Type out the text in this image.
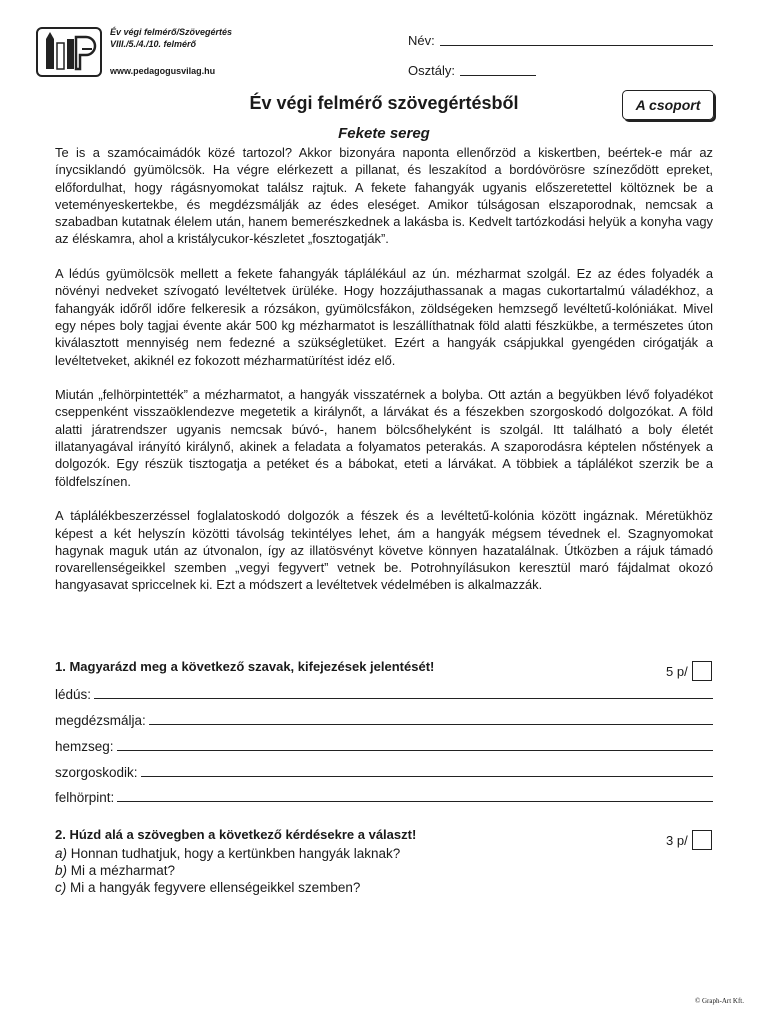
Év végi felmérő/Szövegértés
VIII./5./4./10. felmérő
www.pedagogusvilag.hu
Név:
Osztály:
Év végi felmérő szövegértésből	A csoport
Fekete sereg

Te is a szamócaimádók közé tartozol? Akkor bizonyára naponta ellenőrzöd a kiskertben, beértek-e már az ínycsiklandó gyümölcsök. Ha végre elérkezett a pillanat, és leszakítod a bordóvörösre színeződött epreket, előfordulhat, hogy rágásnyomokat találsz rajtuk. A fekete fahangyák ugyanis előszeretettel költöznek be a veteményeskertekbe, és megdézsmálják az édes eleséget. Amikor túlságosan elszaporodnak, nemcsak a szabadban kutatnak élelem után, hanem bemerészkednek a lakásba is. Kedvelt tartózkodási helyük a konyha vagy az éléskamra, ahol a kristálycukor-készletet „fosztogatják”.

A lédús gyümölcsök mellett a fekete fahangyák táplálékául az ún. mézharmat szolgál. Ez az édes folyadék a növényi nedveket szívogató levéltetvek ürüléke. Hogy hozzájuthassanak a magas cukortartalmú váladékhoz, a fahangyák időről időre felkeresik a rózsákon, gyümölcsfákon, zöldségeken hemzsegő levéltetű-kolóniákat. Mivel egy népes boly tagjai évente akár 500 kg mézharmatot is leszállíthatnak föld alatti fészkükbe, a természetes úton kiválasztott mennyiség nem fedezné a szükségletüket. Ezért a hangyák csápjukkal gyengéden cirógatják a levéltetveket, akiknél ez fokozott mézharmatürítést idéz elő.

Miután „felhörpintették” a mézharmatot, a hangyák visszatérnek a bolyba. Ott aztán a begyükben lévő folyadékot cseppenként visszaöklendezve megetetik a királynőt, a lárvákat és a fészekben szorgoskodó dolgozókat. A föld alatti járatrendszer ugyanis nemcsak búvó-, hanem bölcsőhelyként is szolgál. Itt található a boly életét illatanyagával irányító királynő, akinek a feladata a folyamatos peterakás. A szaporodásra képtelen nőstények a dolgozók. Egy részük tisztogatja a petéket és a bábokat, eteti a lárvákat. A többiek a táplálékot szerzik be a földfelszínen.

A táplálékbeszerzéssel foglalatoskodó dolgozók a fészek és a levéltetű-kolónia között ingáznak. Méretükhöz képest a két helyszín közötti távolság tekintélyes lehet, ám a hangyák mégsem tévednek el. Szagnyomokat hagynak maguk után az útvonalon, így az illatösvényt követve könnyen hazatalálnak. Útközben a rájuk támadó rovarellenségeikkel szemben „vegyi fegyvert” vetnek be. Potrohnyílásukon keresztül maró fájdalmat okozó hangyasavat spriccelnek ki. Ezt a módszert a levéltetvek védelmében is alkalmazzák.

1. Magyarázd meg a következő szavak, kifejezések jelentését!	5 p/
lédús:
megdézsmálja:
hemzseg:
szorgoskodik:
felhörpint:
2. Húzd alá a szövegben a következő kérdésekre a választ!	3 p/
a) Honnan tudhatjuk, hogy a kertünkben hangyák laknak?
b) Mi a mézharmat?
c) Mi a hangyák fegyvere ellenségeikkel szemben?
© Graph-Art Kft.
